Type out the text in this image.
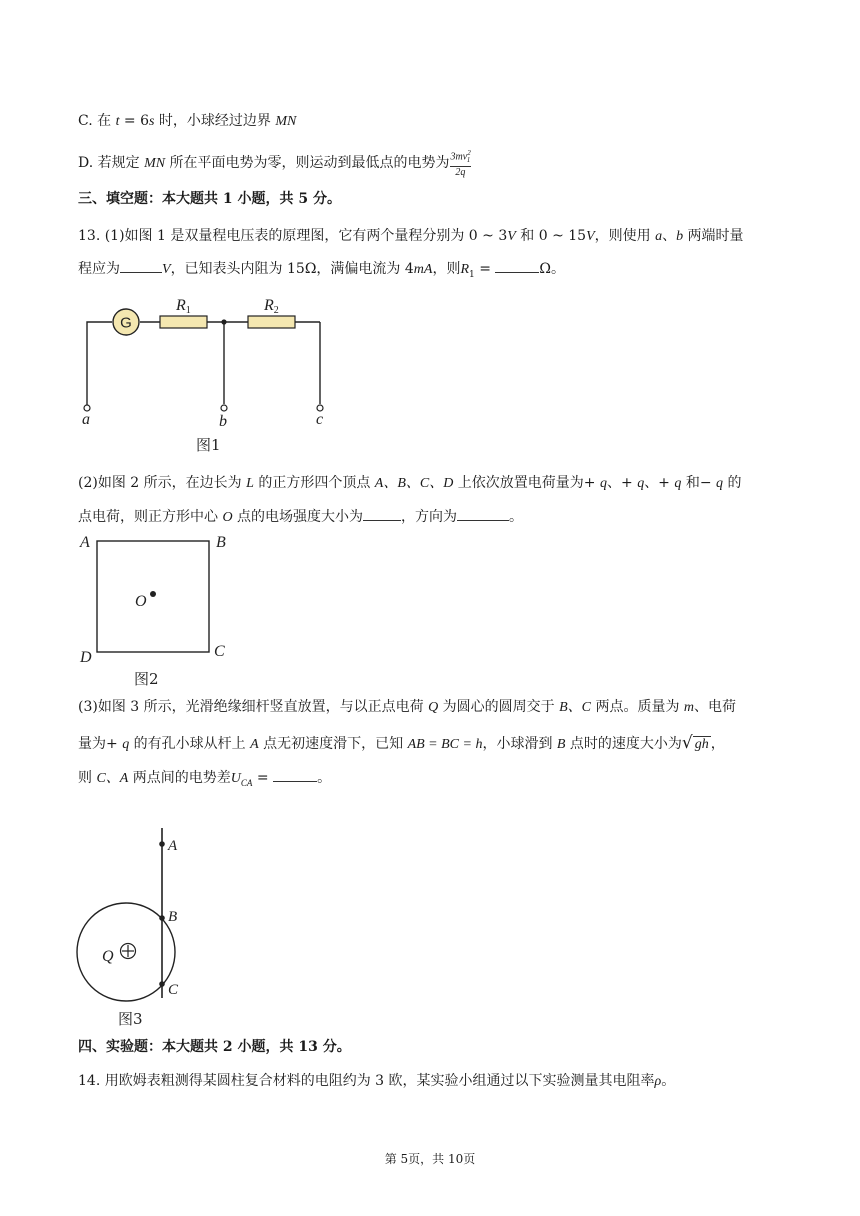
C. 在 t = 6s 时，小球经过边界 MN
D. 若规定 MN 所在平面电势为零，则运动到最低点的电势为 $\frac{3mv^2_1}{2q}$
三、填空题：本大题共 1 小题，共 5 分。
13. (1)如图 1 是双量程电压表的原理图，它有两个量程分别为 0 ~ 3V 和 0 ~ 15V，则使用 a、b 两端时量
程应为	V，已知表头内阻为 15Ω，满偏电流为 4mA，则$R_1$ =	Ω。
G
R1	R2
a	b	c
图1
(2)如图 2 所示，在边长为 L 的正方形四个顶点 A、B、C、D 上依次放置电荷量为+ q、+ q、+ q 和− q 的
点电荷，则正方形中心 O 点的电场强度大小为	，方向为	。
A	B
C
D
O
图2
(3)如图 3 所示，光滑绝缘细杆竖直放置，与以正点电荷 Q 为圆心的圆周交于 B、C 两点。质量为 m、电荷
量为+ q 的有孔小球从杆上 A 点无初速度滑下，已知 AB = BC = h，小球滑到 B 点时的速度大小为√ gh ，
则 C、A 两点间的电势差$U_{CA}$ =	。
A
B
C
Q
图3
四、实验题：本大题共 2 小题，共 13 分。
14. 用欧姆表粗测得某圆柱复合材料的电阻约为 3 欧，某实验小组通过以下实验测量其电阻率ρ。
第 5页，共 10页
